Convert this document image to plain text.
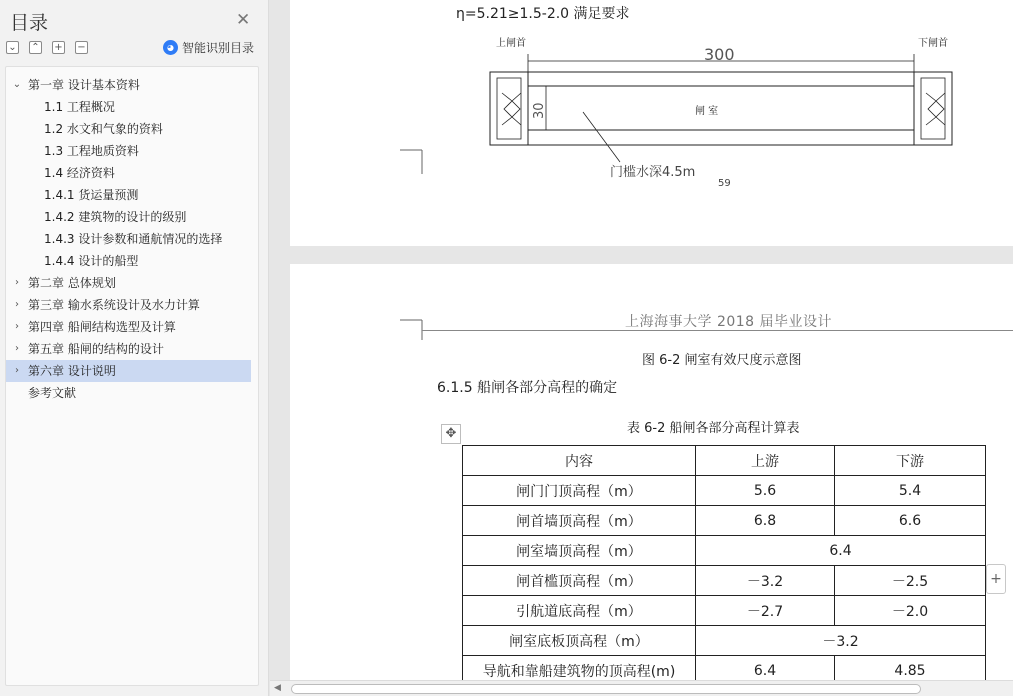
目录	✕
⌄ ⌃ + −	◕ 智能识别目录
⌄ 第一章 设计基本资料
1.1 工程概况
1.2 水文和气象的资料
1.3 工程地质资料
1.4 经济资料
1.4.1 货运量预测
1.4.2 建筑物的设计的级别
1.4.3 设计参数和通航情况的选择
1.4.4 设计的船型
› 第二章 总体规划
› 第三章 输水系统设计及水力计算
› 第四章 船闸结构选型及计算
› 第五章 船闸的结构的设计
› 第六章 设计说明
参考文献
η=5.21≥1.5-2.0 满足要求
上闸首	下闸首
300
30	闸 室
门槛水深4.5m
59
上海海事大学 2018 届毕业设计
图 6-2 闸室有效尺度示意图
6.1.5 船闸各部分高程的确定
表 6-2 船闸各部分高程计算表
✥
内容	上游	下游
闸门门顶高程（m）	5.6	5.4
闸首墙顶高程（m）	6.8	6.6
闸室墙顶高程（m）	6.4	
闸首槛顶高程（m）	－3.2	－2.5
引航道底高程（m）	－2.7	－2.0
闸室底板顶高程（m）	－3.2	
导航和靠船建筑物的顶高程(m)	6.4	4.85
+
◀
